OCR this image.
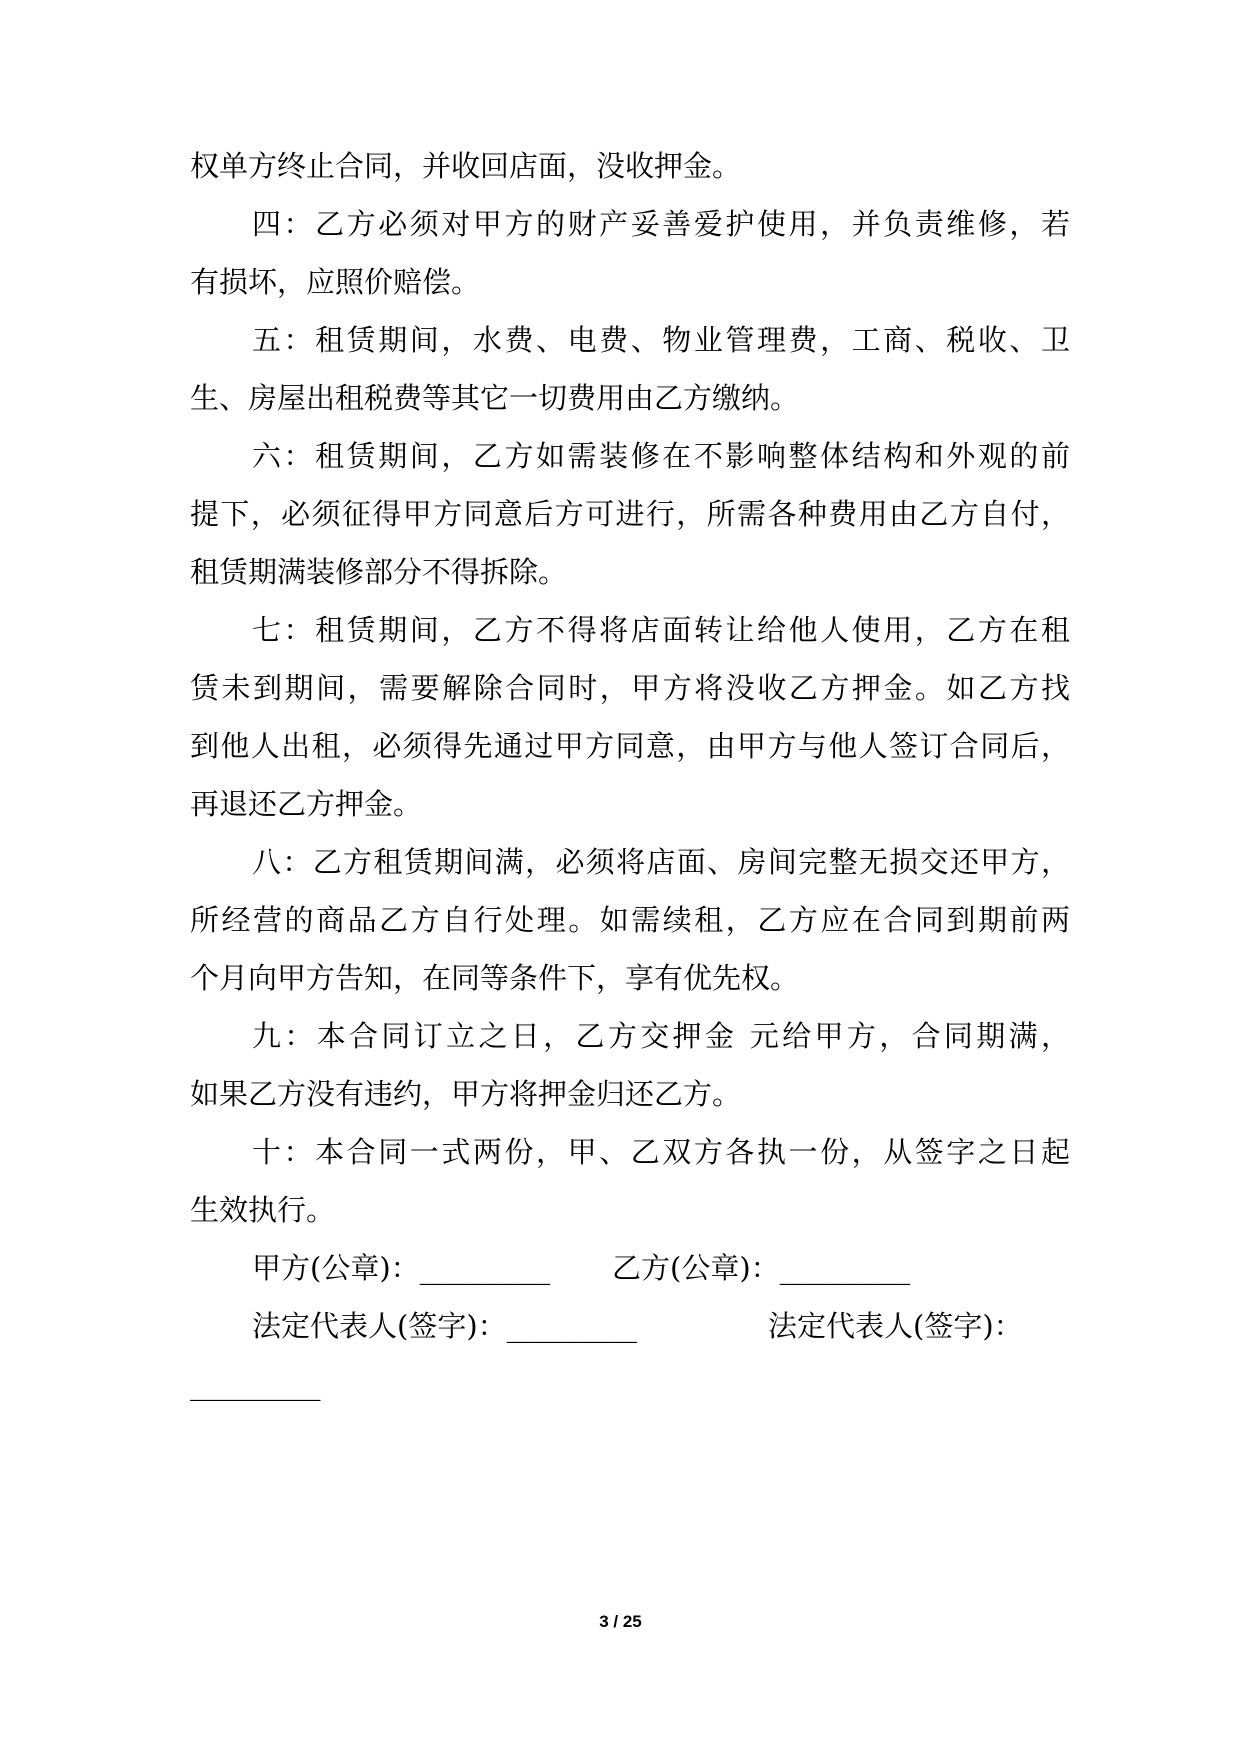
权单方终止合同，并收回店面，没收押金。
四：乙方必须对甲方的财产妥善爱护使用，并负责维修，若
有损坏，应照价赔偿。
五：租赁期间，水费、电费、物业管理费，工商、税收、卫
生、房屋出租税费等其它一切费用由乙方缴纳。
六：租赁期间，乙方如需装修在不影响整体结构和外观的前
提下，必须征得甲方同意后方可进行，所需各种费用由乙方自付，
租赁期满装修部分不得拆除。
七：租赁期间，乙方不得将店面转让给他人使用，乙方在租
赁未到期间，需要解除合同时，甲方将没收乙方押金。如乙方找
到他人出租，必须得先通过甲方同意，由甲方与他人签订合同后，
再退还乙方押金。
八：乙方租赁期间满，必须将店面、房间完整无损交还甲方，
所经营的商品乙方自行处理。如需续租，乙方应在合同到期前两
个月向甲方告知，在同等条件下，享有优先权。
九：本合同订立之日，乙方交押金 元给甲方，合同期满，
如果乙方没有违约，甲方将押金归还乙方。
十：本合同一式两份，甲、乙双方各执一份，从签字之日起
生效执行。
甲方(公章)：_________ 乙方(公章)：_________
法定代表人(签字)：_________	法定代表人(签字)：
_________
3 / 25
